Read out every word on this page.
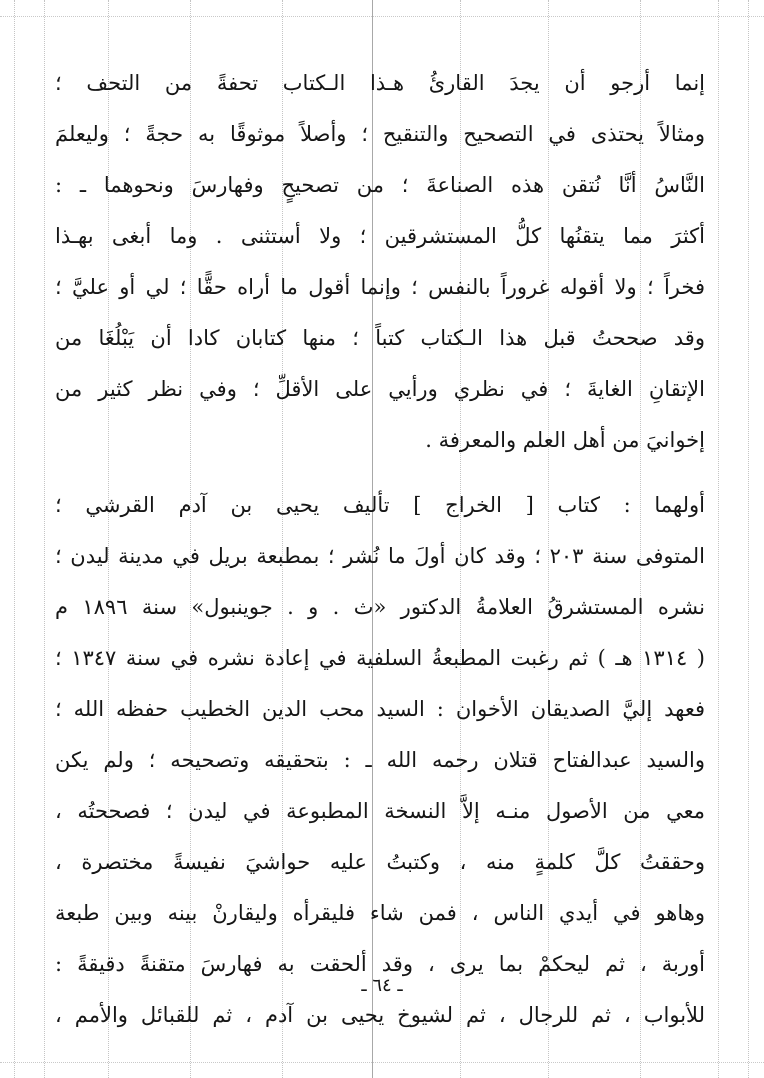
إنما أرجو أن يجدَ القارئُ هـذا الـكتاب تحفةً من التحف ؛
ومثالاً يحتذى في التصحيح والتنقيح ؛ وأصلاً موثوقًا به حجةً ؛ وليعلمَ
النَّاسُ أنَّا نُتقن هذه الصناعةَ ؛ من تصحيحٍ وفهارسَ ونحوهما ـ :
أكثرَ مما يتقنُها كلُّ المستشرقين ؛ ولا أستثنى . وما أبغى بهـذا
فخراً ؛ ولا أقوله غروراً بالنفس ؛ وإنما أقول ما أراه حقًّا ؛ لي أو عليَّ ؛
وقد صححتُ قبل هذا الـكتاب كتباً ؛ منها كتابان كادا أن يَبْلُغَا من
الإتقانِ الغايةَ ؛ في نظري ورأيي على الأقلِّ ؛ وفي نظر كثير من
إخوانيَ من أهل العلم والمعرفة .
أولهما : كتاب [ الخراج ] تأليف يحيى بن آدم القرشي ؛
المتوفى سنة ٢٠٣ ؛ وقد كان أولَ ما نُشر ؛ بمطبعة بريل في مدينة ليدن ؛
نشره المستشرقُ العلامةُ الدكتور «ث . و . جوينبول» سنة ١٨٩٦ م
( ١٣١٤ هـ ) ثم رغبت المطبعةُ السلفية في إعادة نشره في سنة ١٣٤٧ ؛
فعهد إليَّ الصديقان الأخوان : السيد محب الدين الخطيب حفظه الله ؛
والسيد عبدالفتاح قتلان رحمه الله ـ : بتحقيقه وتصحيحه ؛ ولم يكن
معي من الأصول منـه إلاَّ النسخة المطبوعة في ليدن ؛ فصححتُه ،
وحققتُ كلَّ كلمةٍ منه ، وكتبتُ عليه حواشيَ نفيسةً مختصرة ،
وهاهو في أيدي الناس ، فمن شاء فليقرأه وليقارنْ بينه وبين طبعة
أوربة ، ثم ليحكمْ بما يرى ، وقد ألحقت به فهارسَ متقنةً دقيقةً :
للأبواب ، ثم للرجال ، ثم لشيوخ يحيى بن آدم ، ثم للقبائل والأمم ،
ـ ٦٤ ـ
